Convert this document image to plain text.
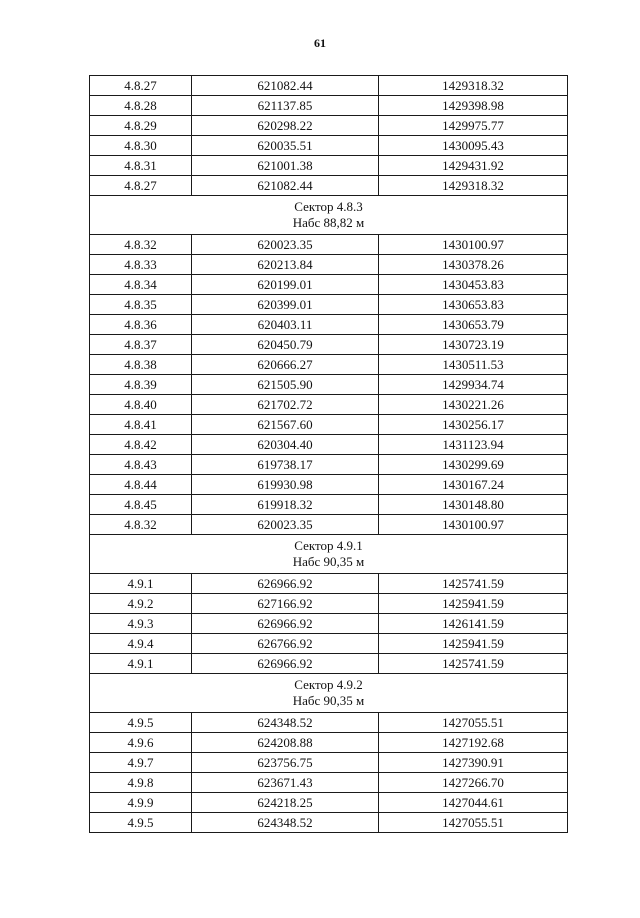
61
4.8.27	621082.44	1429318.32
4.8.28	621137.85	1429398.98
4.8.29	620298.22	1429975.77
4.8.30	620035.51	1430095.43
4.8.31	621001.38	1429431.92
4.8.27	621082.44	1429318.32

Сектор 4.8.3
Набс 88,82 м		

4.8.32	620023.35	1430100.97
4.8.33	620213.84	1430378.26
4.8.34	620199.01	1430453.83
4.8.35	620399.01	1430653.83
4.8.36	620403.11	1430653.79
4.8.37	620450.79	1430723.19
4.8.38	620666.27	1430511.53
4.8.39	621505.90	1429934.74
4.8.40	621702.72	1430221.26
4.8.41	621567.60	1430256.17
4.8.42	620304.40	1431123.94
4.8.43	619738.17	1430299.69
4.8.44	619930.98	1430167.24
4.8.45	619918.32	1430148.80
4.8.32	620023.35	1430100.97

Сектор 4.9.1
Набс 90,35 м		

4.9.1	626966.92	1425741.59
4.9.2	627166.92	1425941.59
4.9.3	626966.92	1426141.59
4.9.4	626766.92	1425941.59
4.9.1	626966.92	1425741.59

Сектор 4.9.2
Набс 90,35 м		

4.9.5	624348.52	1427055.51
4.9.6	624208.88	1427192.68
4.9.7	623756.75	1427390.91
4.9.8	623671.43	1427266.70
4.9.9	624218.25	1427044.61
4.9.5	624348.52	1427055.51
